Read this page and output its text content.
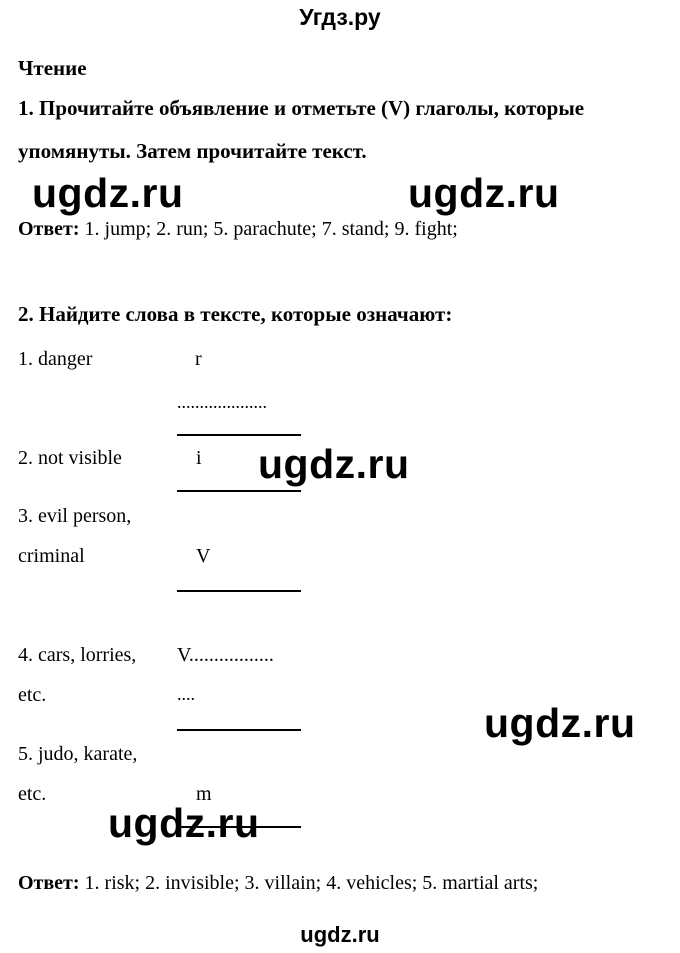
Угдз.ру
Чтение
1. Прочитайте объявление и отметьте (V) глаголы, которые
упомянуты. Затем прочитайте текст.
ugdz.ru	ugdz.ru
Ответ: 1. jump; 2. run; 5. parachute; 7. stand; 9. fight;
2. Найдите слова в тексте, которые означают:
1. danger	r
....................
2. not visible	i ugdz.ru
3. evil person,
criminal	V
4. cars, lorries,
etc.
V.................
....
ugdz.ru
5. judo, karate,
etc.	m
ugdz.ru
Ответ: 1. risk; 2. invisible; 3. villain; 4. vehicles; 5. martial arts;
ugdz.ru
